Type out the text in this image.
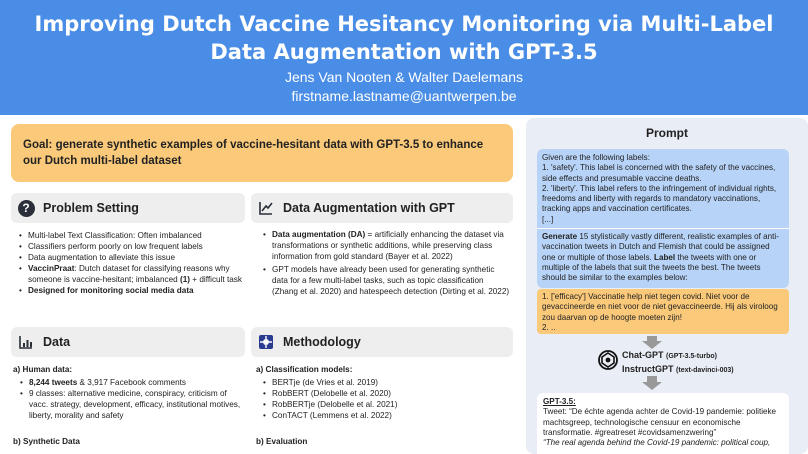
Improving Dutch Vaccine Hesitancy Monitoring via Multi-Label
Data Augmentation with GPT-3.5
Jens Van Nooten & Walter Daelemans
firstname.lastname@uantwerpen.be
Goal: generate synthetic examples of vaccine-hesitant data with GPT-3.5 to enhance our Dutch multi-label dataset
?	Problem Setting
• Multi-label Text Classification: Often imbalanced
• Classifiers perform poorly on low frequent labels
• Data augmentation to alleviate this issue
• VaccinPraat: Dutch dataset for classifying reasons why someone is vaccine-hesitant; imbalanced (1) + difficult task
• Designed for monitoring social media data
Data Augmentation with GPT
• Data augmentation (DA) = artificially enhancing the dataset via transformations or synthetic additions, while preserving class information from gold standard (Bayer et al. 2022)
• GPT models have already been used for generating synthetic data for a few multi-label tasks, such as topic classification (Zhang et al. 2020) and hatespeech detection (Dirting et al. 2022)
Data
a) Human data:
• 8,244 tweets & 3,917 Facebook comments
• 9 classes: alternative medicine, conspiracy, criticism of vacc. strategy, development, efficacy, institutional motives, liberty, morality and safety
b) Synthetic Data
Methodology
a) Classification models:
• BERTje (de Vries et al. 2019)
• RobBERT (Delobelle et al. 2020)
• RobBERTje (Delobelle et al. 2021)
• ConTACT (Lemmens et al. 2022)
b) Evaluation
Prompt
Given are the following labels:
1. 'safety'. This label is concerned with the safety of the vaccines, side effects and presumable vaccine deaths.
2. 'liberty'. This label refers to the infringement of individual rights, freedoms and liberty with regards to mandatory vaccinations, tracking apps and vaccination certificates.
[...]
Generate 15 stylistically vastly different, realistic examples of anti-vaccination tweets in Dutch and Flemish that could be assigned one or multiple of those labels. Label the tweets with one or multiple of the labels that suit the tweets the best. The tweets should be similar to the examples below:
1. ['efficacy'] Vaccinatie help niet tegen covid. Niet voor de gevaccineerde en niet voor de niet gevaccineerde. Hij als viroloog zou daarvan op de hoogte moeten zijn!
2. ..
Chat-GPT (GPT-3.5-turbo)
InstructGPT (text-davinci-003)
GPT-3.5:
Tweet: “De échte agenda achter de Covid-19 pandemie: politieke machtsgreep, technologische censuur en economische transformatie. #greatreset #covidsamenzwering”
“The real agenda behind the Covid-19 pandemic: political coup,
